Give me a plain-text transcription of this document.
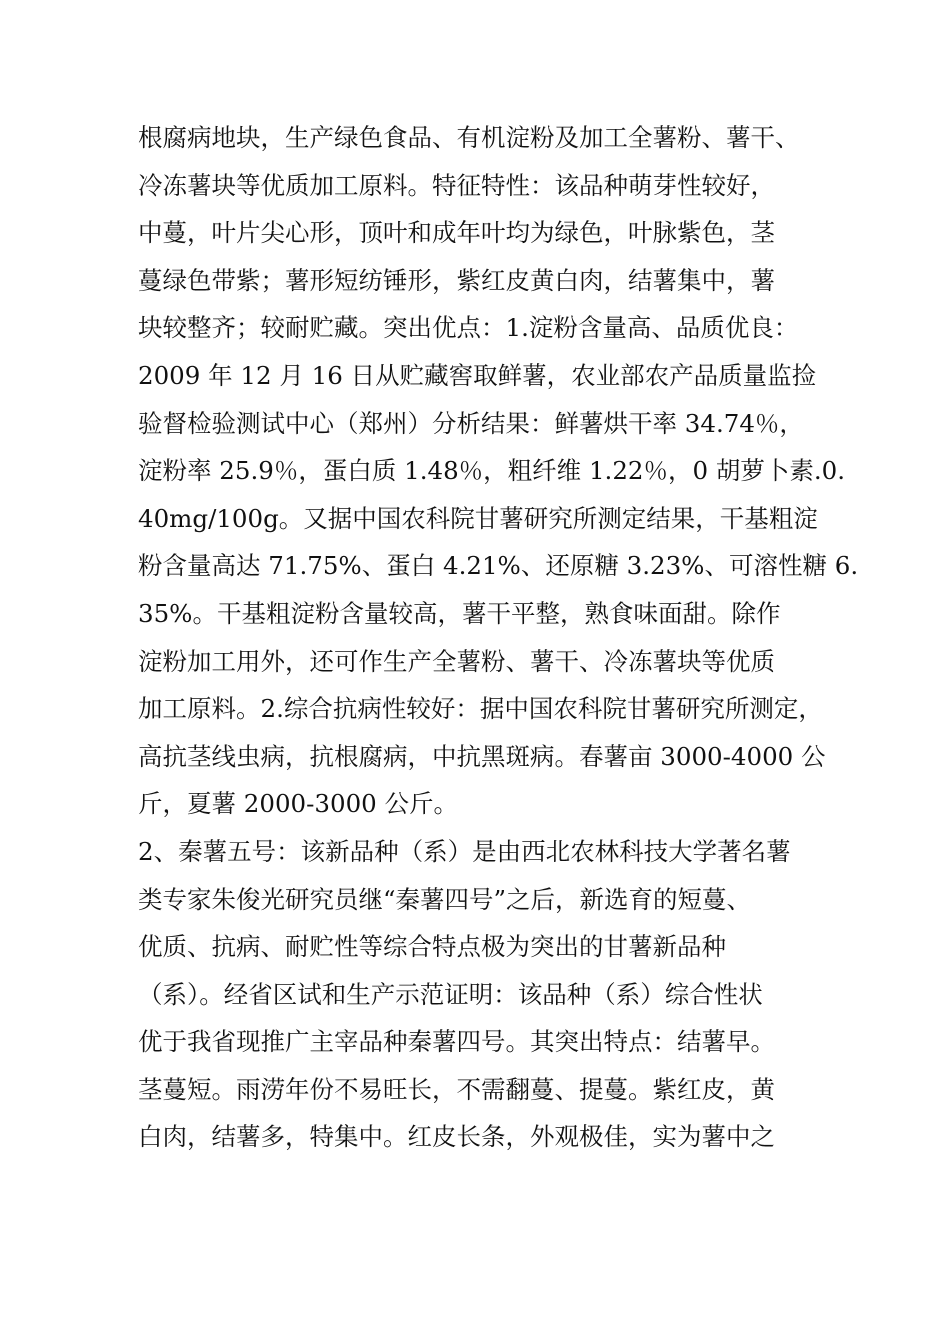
根腐病地块，生产绿色食品、有机淀粉及加工全薯粉、薯干、
冷冻薯块等优质加工原料。特征特性：该品种萌芽性较好，
中蔓，叶片尖心形，顶叶和成年叶均为绿色，叶脉紫色，茎
蔓绿色带紫；薯形短纺锤形，紫红皮黄白肉，结薯集中，薯
块较整齐；较耐贮藏。突出优点：1.淀粉含量高、品质优良：
2009 年 12 月 16 日从贮藏窖取鲜薯，农业部农产品质量监捡
验督检验测试中心（郑州）分析结果：鲜薯烘干率 34.74％，
淀粉率 25.9％，蛋白质 1.48％，粗纤维 1.22％，0 胡萝卜素.0.
40mg/100g。又据中国农科院甘薯研究所测定结果，干基粗淀
粉含量高达 71.75%、蛋白 4.21%、还原糖 3.23%、可溶性糖 6.
35%。干基粗淀粉含量较高，薯干平整，熟食味面甜。除作
淀粉加工用外，还可作生产全薯粉、薯干、冷冻薯块等优质
加工原料。2.综合抗病性较好：据中国农科院甘薯研究所测定，
高抗茎线虫病，抗根腐病，中抗黑斑病。春薯亩 3000-4000 公
斤，夏薯 2000-3000 公斤。
2、秦薯五号：该新品种（系）是由西北农林科技大学著名薯
类专家朱俊光研究员继“秦薯四号”之后，新选育的短蔓、
优质、抗病、耐贮性等综合特点极为突出的甘薯新品种
（系）。经省区试和生产示范证明：该品种（系）综合性状
优于我省现推广主宰品种秦薯四号。其突出特点：结薯早。
茎蔓短。雨涝年份不易旺长，不需翻蔓、提蔓。紫红皮，黄
白肉，结薯多，特集中。红皮长条，外观极佳，实为薯中之
